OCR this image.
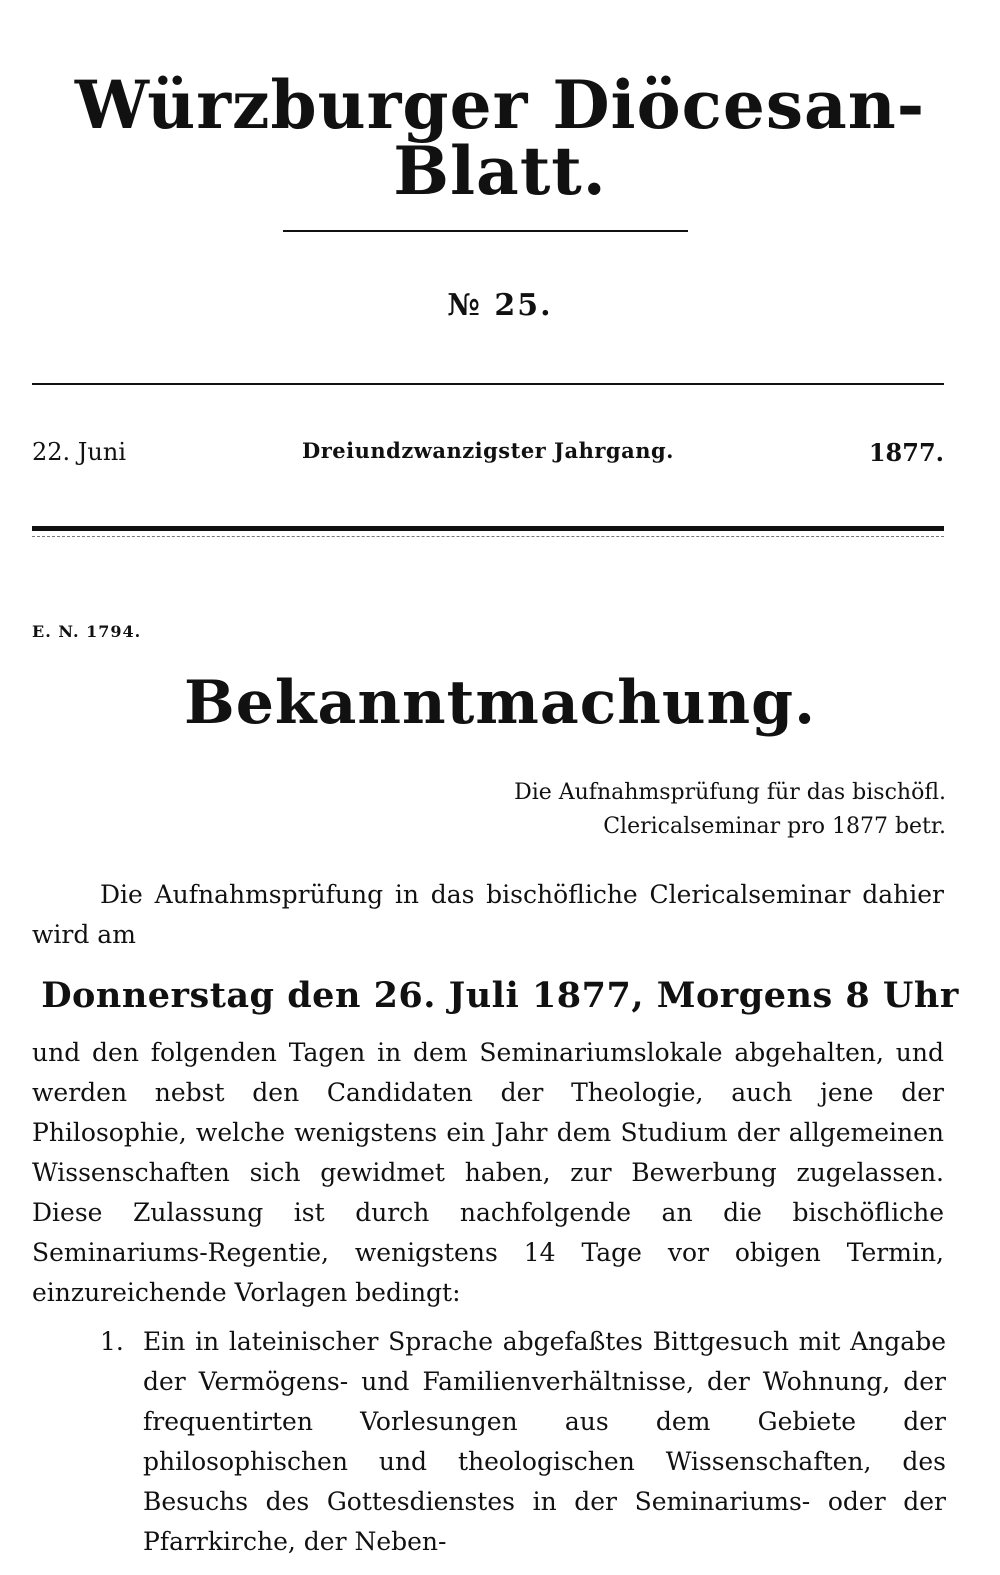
Würzburger Diöcesan-Blatt.
№ 25.
22. Juni	Dreiundzwanzigster Jahrgang.	1877.
E. N. 1794.
Bekanntmachung.
Die Aufnahmsprüfung für das bischöfl. Clericalseminar pro 1877 betr.
Die Aufnahmsprüfung in das bischöfliche Clericalseminar dahier wird am
Donnerstag den 26. Juli 1877, Morgens 8 Uhr
und den folgenden Tagen in dem Seminariumslokale abgehalten, und werden nebst den Candidaten der Theologie, auch jene der Philosophie, welche wenigstens ein Jahr dem Studium der allgemeinen Wissenschaften sich gewidmet haben, zur Bewerbung zugelassen. Diese Zulassung ist durch nachfolgende an die bischöfliche Seminariums-Regentie, wenigstens 14 Tage vor obigen Termin, einzureichende Vorlagen bedingt:
1. Ein in lateinischer Sprache abgefaßtes Bittgesuch mit Angabe der Vermögens- und Familienverhältnisse, der Wohnung, der frequentirten Vorlesungen aus dem Gebiete der philosophischen und theologischen Wissenschaften, des Besuchs des Gottesdienstes in der Seminariums- oder der Pfarrkirche, der Neben-
